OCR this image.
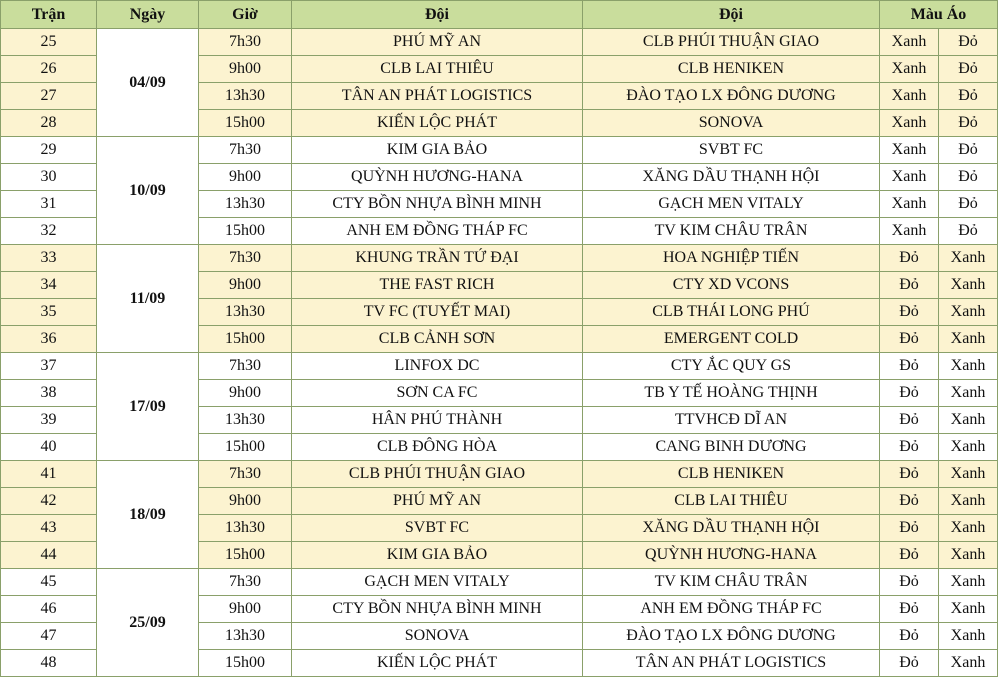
Trận	Ngày	Giờ	Đội	Đội	Màu Áo	
25	04/09	7h30	PHÚ MỸ AN	CLB PHÚI THUẬN GIAO	Xanh	Đỏ
26		9h00	CLB LAI THIÊU	CLB HENIKEN	Xanh	Đỏ
27		13h30	TÂN AN PHÁT LOGISTICS	ĐÀO TẠO LX ĐÔNG DƯƠNG	Xanh	Đỏ
28		15h00	KIẾN LỘC PHÁT	SONOVA	Xanh	Đỏ
29	10/09	7h30	KIM GIA BẢO	SVBT FC	Xanh	Đỏ
30		9h00	QUỲNH HƯƠNG-HANA	XĂNG DẦU THẠNH HỘI	Xanh	Đỏ
31		13h30	CTY BỒN NHỰA BÌNH MINH	GẠCH MEN VITALY	Xanh	Đỏ
32		15h00	ANH EM ĐỒNG THÁP FC	TV KIM CHÂU TRÂN	Xanh	Đỏ
33	11/09	7h30	KHUNG TRẦN TỨ ĐẠI	HOA NGHIỆP TIẾN	Đỏ	Xanh
34		9h00	THE FAST RICH	CTY XD VCONS	Đỏ	Xanh
35		13h30	TV FC (TUYẾT MAI)	CLB THÁI LONG PHÚ	Đỏ	Xanh
36		15h00	CLB CẢNH SƠN	EMERGENT COLD	Đỏ	Xanh
37	17/09	7h30	LINFOX DC	CTY ẮC QUY GS	Đỏ	Xanh
38		9h00	SƠN CA FC	TB Y TẾ HOÀNG THỊNH	Đỏ	Xanh
39		13h30	HÂN PHÚ THÀNH	TTVHCĐ DĨ AN	Đỏ	Xanh
40		15h00	CLB ĐÔNG HÒA	CANG BINH DƯƠNG	Đỏ	Xanh
41	18/09	7h30	CLB PHÚI THUẬN GIAO	CLB HENIKEN	Đỏ	Xanh
42		9h00	PHÚ MỸ AN	CLB LAI THIÊU	Đỏ	Xanh
43		13h30	SVBT FC	XĂNG DẦU THẠNH HỘI	Đỏ	Xanh
44		15h00	KIM GIA BẢO	QUỲNH HƯƠNG-HANA	Đỏ	Xanh
45	25/09	7h30	GẠCH MEN VITALY	TV KIM CHÂU TRÂN	Đỏ	Xanh
46		9h00	CTY BỒN NHỰA BÌNH MINH	ANH EM ĐỒNG THÁP FC	Đỏ	Xanh
47		13h30	SONOVA	ĐÀO TẠO LX ĐÔNG DƯƠNG	Đỏ	Xanh
48		15h00	KIẾN LỘC PHÁT	TÂN AN PHÁT LOGISTICS	Đỏ	Xanh
